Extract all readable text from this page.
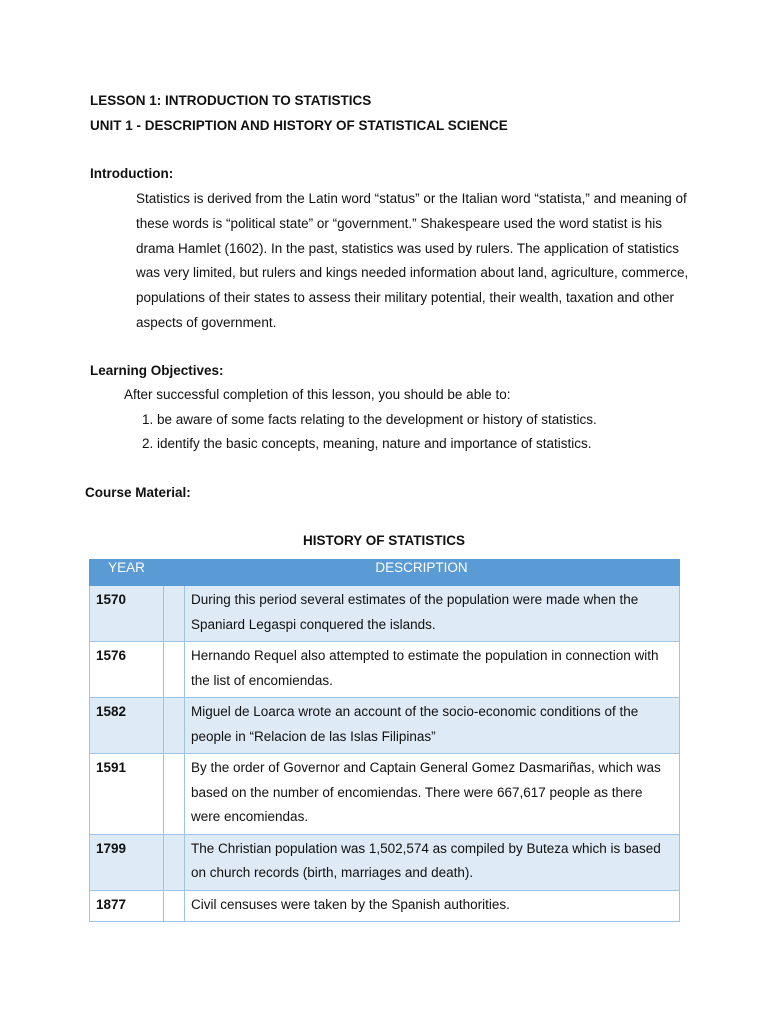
LESSON 1: INTRODUCTION TO STATISTICS
UNIT 1 - DESCRIPTION AND HISTORY OF STATISTICAL SCIENCE
Introduction:

Statistics is derived from the Latin word “status” or the Italian word “statista,” and meaning of these words is “political state” or “government.” Shakespeare used the word statist is his drama Hamlet (1602). In the past, statistics was used by rulers. The application of statistics was very limited, but rulers and kings needed information about land, agriculture, commerce, populations of their states to assess their military potential, their wealth, taxation and other aspects of government.

Learning Objectives:
After successful completion of this lesson, you should be able to:
1. be aware of some facts relating to the development or history of statistics.
2. identify the basic concepts, meaning, nature and importance of statistics.
Course Material:
HISTORY OF STATISTICS
YEAR	DESCRIPTION	
1570		During this period several estimates of the population were made when the Spaniard Legaspi conquered the islands.
1576		Hernando Requel also attempted to estimate the population in connection with the list of encomiendas.
1582		Miguel de Loarca wrote an account of the socio-economic conditions of the people in “Relacion de las Islas Filipinas”
1591		By the order of Governor and Captain General Gomez Dasmariñas, which was based on the number of encomiendas. There were 667,617 people as there were encomiendas.
1799		The Christian population was 1,502,574 as compiled by Buteza which is based on church records (birth, marriages and death).
1877		Civil censuses were taken by the Spanish authorities.
